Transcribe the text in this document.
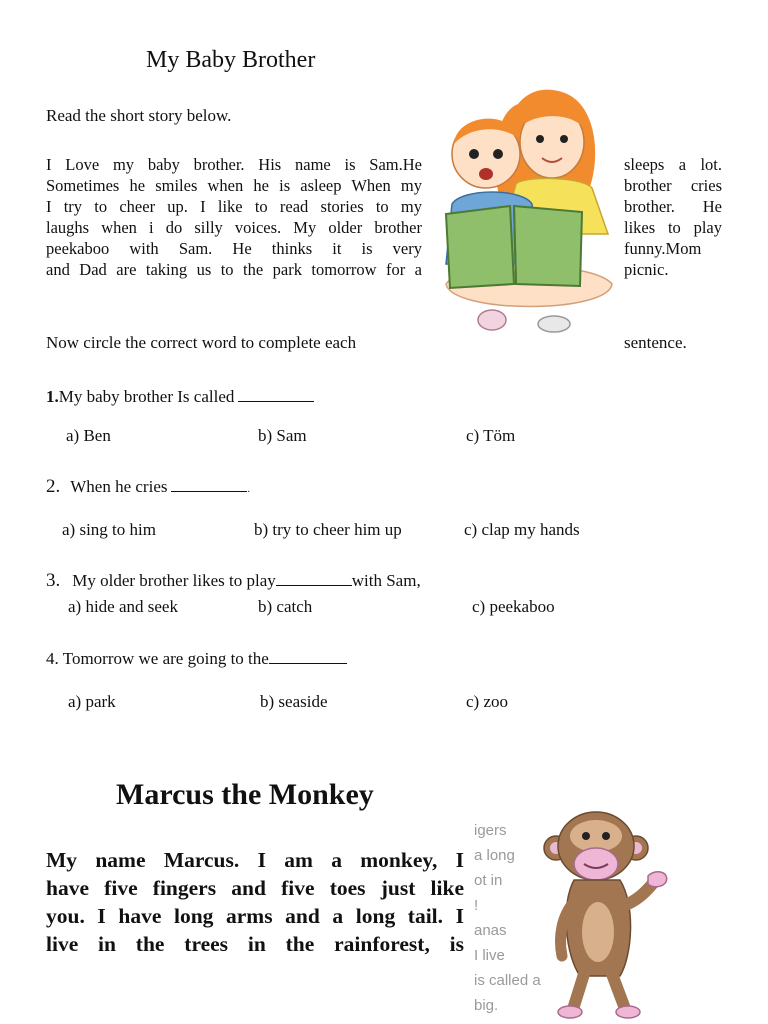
My Baby Brother
Read the short story below.
I Love my baby brother. His name is Sam.He
Sometimes he smiles when he is asleep When my
I try to cheer up. I like to read stories to my
laughs when i do silly voices. My older brother
peekaboo with Sam. He thinks it is very
and Dad are taking us to the park tomorrow for a
sleeps a lot.
brother cries
brother. He
likes to play
funny.Mom
picnic.
Now circle the correct word to complete each	sentence.
1.My baby brother Is called
a) Ben	b) Sam	c) Töm
2. When he cries	.
a) sing to him	b) try to cheer him up	c) clap my hands
3. My older brother likes to play	with Sam,
a) hide and seek	b) catch	c) peekaboo
4. Tomorrow we are going to the
a) park	b) seaside	c) zoo
Marcus the Monkey
My name Marcus. I am a monkey, I
have five fingers and five toes just like
you. I have long arms and a long tail. I
live in the trees in the rainforest, is
igers
a long
ot in
!
anas
I live
is called a
big.
